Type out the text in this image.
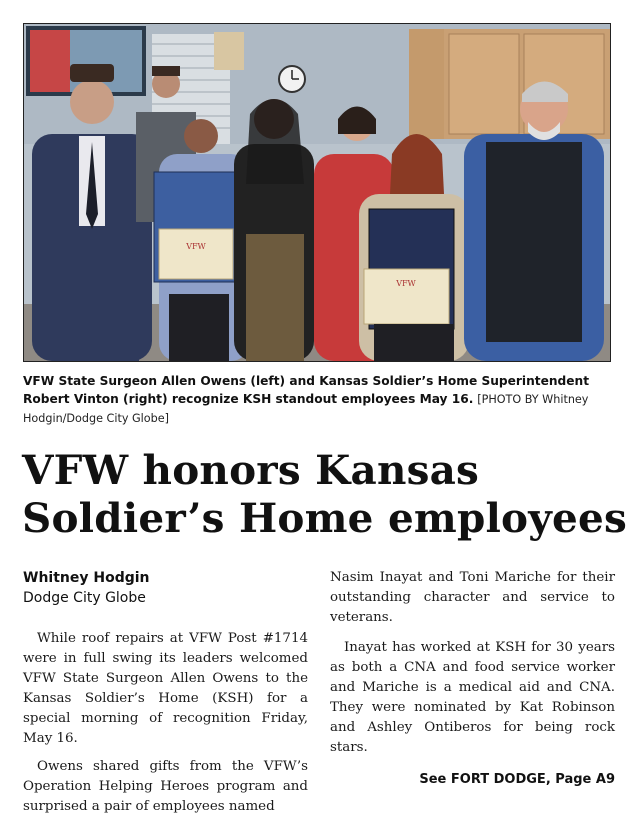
VFW
VFW
VFW State Surgeon Allen Owens (left) and Kansas Soldier’s Home Superintendent Robert Vinton (right) recognize KSH standout employees May 16. [PHOTO BY Whitney Hodgin/Dodge City Globe]
VFW honors Kansas
Soldier’s Home employees
Whitney Hodgin
Dodge City Globe

While roof repairs at VFW Post #1714 were in full swing its leaders welcomed VFW State Surgeon Allen Owens to the Kansas Soldier’s Home (KSH) for a special morning of recognition Friday, May 16.

Owens shared gifts from the VFW’s Operation Helping Heroes program and surprised a pair of employees named

Nasim Inayat and Toni Mariche for their outstanding character and service to veterans.

Inayat has worked at KSH for 30 years as both a CNA and food service worker and Mariche is a medical aid and CNA. They were nominated by Kat Robinson and Ashley Ontiberos for being rock stars.

See FORT DODGE, Page A9
